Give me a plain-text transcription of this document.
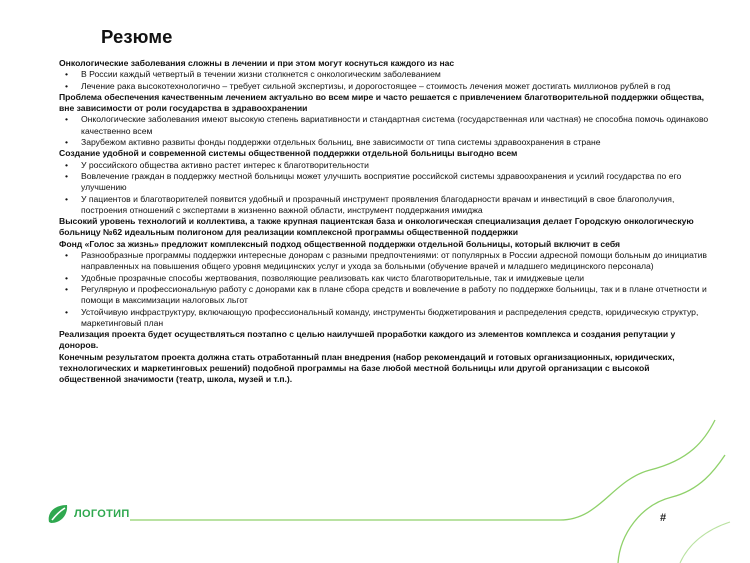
Резюме

Онкологические заболевания сложны в лечении и при этом могут коснуться каждого из нас

• В России каждый четвертый в течении жизни столкнется с онкологическим заболеванием
• Лечение рака высокотехнологично – требует сильной экспертизы, и дорогостоящее – стоимость лечения может достигать миллионов рублей в год

Проблема обеспечения качественным лечением актуально во всем мире и часто решается с привлечением благотворительной поддержки общества, вне зависимости от роли государства в здравоохранении

• Онкологические заболевания имеют высокую степень вариативности и стандартная система (государственная или частная) не способна помочь одинаково качественно всем
• Зарубежом активно развиты фонды поддержки отдельных больниц, вне зависимости от типа системы здравоохранения в стране

Создание удобной и современной системы общественной поддержки отдельной больницы выгодно всем

• У российского общества активно растет интерес к благотворительности
• Вовлечение граждан в поддержку местной больницы может улучшить восприятие российской системы здравоохранения и усилий государства по его улучшению
• У пациентов и благотворителей появится удобный и прозрачный инструмент проявления благодарности врачам и инвестиций в свое благополучия, построения отношений с экспертами в жизненно важной области, инструмент поддержания имиджа

Высокий уровень технологий и коллектива, а также крупная пациентская база и онкологическая специализация делает Городскую онкологическую больницу №62 идеальным полигоном для реализации комплексной программы общественной поддержки

Фонд «Голос за жизнь» предложит комплексный подход общественной поддержки отдельной больницы, который включит в себя

• Разнообразные программы поддержки интересные донорам с разными предпочтениями: от популярных в России адресной помощи больным до инициатив направленных на повышения общего уровня медицинских услуг и ухода за больными (обучение врачей и младшего медицинского персонала)
• Удобные прозрачные способы жертвования, позволяющие реализовать как чисто благотворительные, так и имиджевые цели
• Регулярную и профессиональную работу с донорами как в плане сбора средств и вовлечение в работу по поддержке больницы, так и в плане отчетности и помощи в максимизации налоговых льгот
• Устойчивую инфраструктуру, включающую профессиональный команду, инструменты бюджетирования и распределения средств, юридическую структур, маркетинговый план

Реализация проекта будет осуществляться поэтапно с целью наилучшей проработки каждого из элементов комплекса и создания репутации у доноров.

Конечным результатом проекта должна стать отработанный план внедрения (набор рекомендаций и готовых организационных, юридических, технологических и маркетинговых решений) подобной программы на базе любой местной больницы или другой организации с высокой общественной значимости (театр, школа, музей и т.п.).

ЛОГОТИП	#
